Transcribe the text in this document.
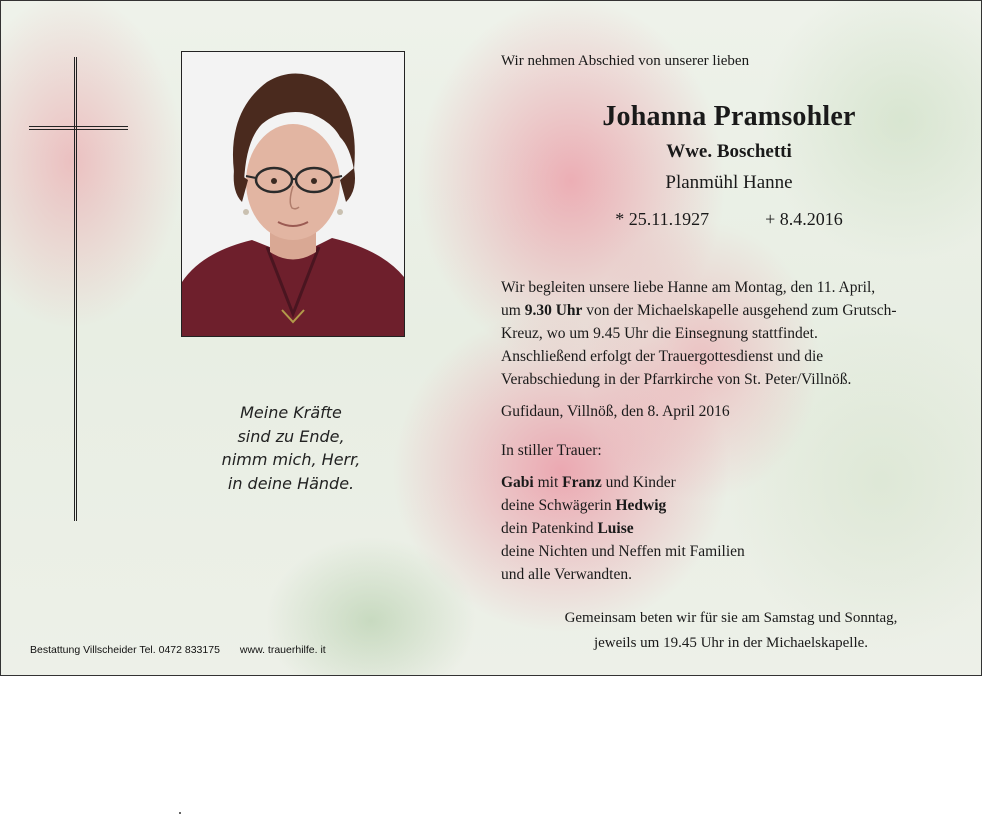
Meine Kräfte
sind zu Ende,
nimm mich, Herr,
in deine Hände.
Wir nehmen Abschied von unserer lieben
Johanna Pramsohler
Wwe. Boschetti
Planmühl Hanne
* 25.11.1927	+ 8.4.2016
Wir begleiten unsere liebe Hanne am Montag, den 11. April,
um 9.30 Uhr von der Michaelskapelle ausgehend zum Grutsch-
Kreuz, wo um 9.45 Uhr die Einsegnung stattfindet.
Anschließend erfolgt der Trauergottesdienst und die
Verabschiedung in der Pfarrkirche von St. Peter/Villnöß.
Gufidaun, Villnöß, den 8. April 2016
In stiller Trauer:
Gabi mit Franz und Kinder
deine Schwägerin Hedwig
dein Patenkind Luise
deine Nichten und Neffen mit Familien
und alle Verwandten.
Gemeinsam beten wir für sie am Samstag und Sonntag,
jeweils um 19.45 Uhr in der Michaelskapelle.
Bestattung Villscheider Tel. 0472 833175 www. trauerhilfe. it
